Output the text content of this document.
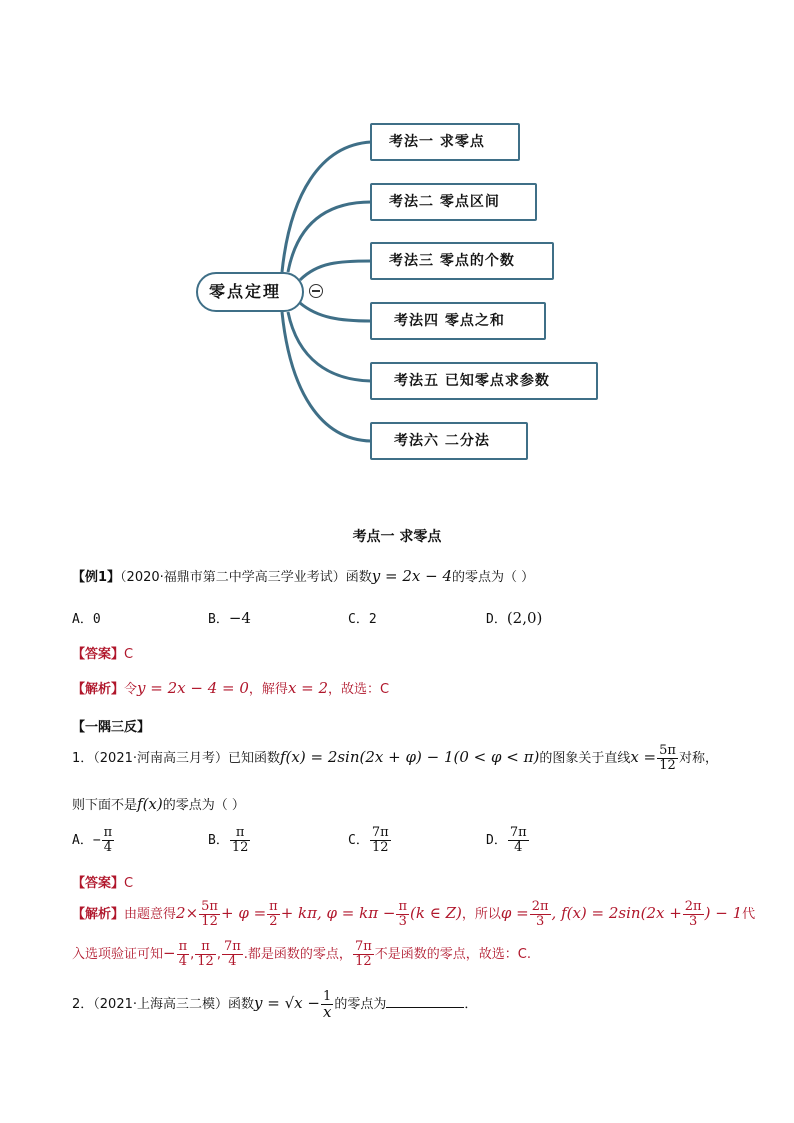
零点定理
考法一 求零点
考法二 零点区间
考法三 零点的个数
考法四 零点之和
考法五 已知零点求参数
考法六 二分法
考点一 求零点
【例1】（2020·福鼎市第二中学高三学业考试）函数y = 2x − 4的零点为（ ）
A．0	B．−4	C．2	D．(2,0)
【答案】C
【解析】令y = 2x − 4 = 0，解得x = 2，故选：C
【一隅三反】
1．（2021·河南高三月考）已知函数f(x) = 2sin(2x + φ) − 1(0 < φ < π)的图象关于直线$x = \frac{5\pi}{12}$ 对称，
则下面不是f(x)的零点为（ ）
A．− $\frac{\pi}{4}$	B． $\frac{\pi}{12}$	C． $\frac{7\pi}{12}$	D． $\frac{7\pi}{4}$
【答案】C
【解析】由题意得$2\times \frac{5\pi}{12} + \varphi = \frac{\pi}{2} + k\pi$, $\varphi = k\pi - \frac{\pi}{3} (k$ ∈ Z)，所以$\varphi = \frac{2\pi}{3}$ , $f(x) = 2\sin(2x + \frac{2\pi}{3}$ ) − 1代
入选项验证可知− $\frac{\pi}{4}$ , $\frac{\pi}{12}$ , $\frac{7\pi}{4}$ .都是函数的零点， $\frac{7\pi}{12}$ 不是函数的零点，故选：C.
2．（2021·上海高三二模）函数$y = √x - \frac{1}{x}$ 的零点为	．
